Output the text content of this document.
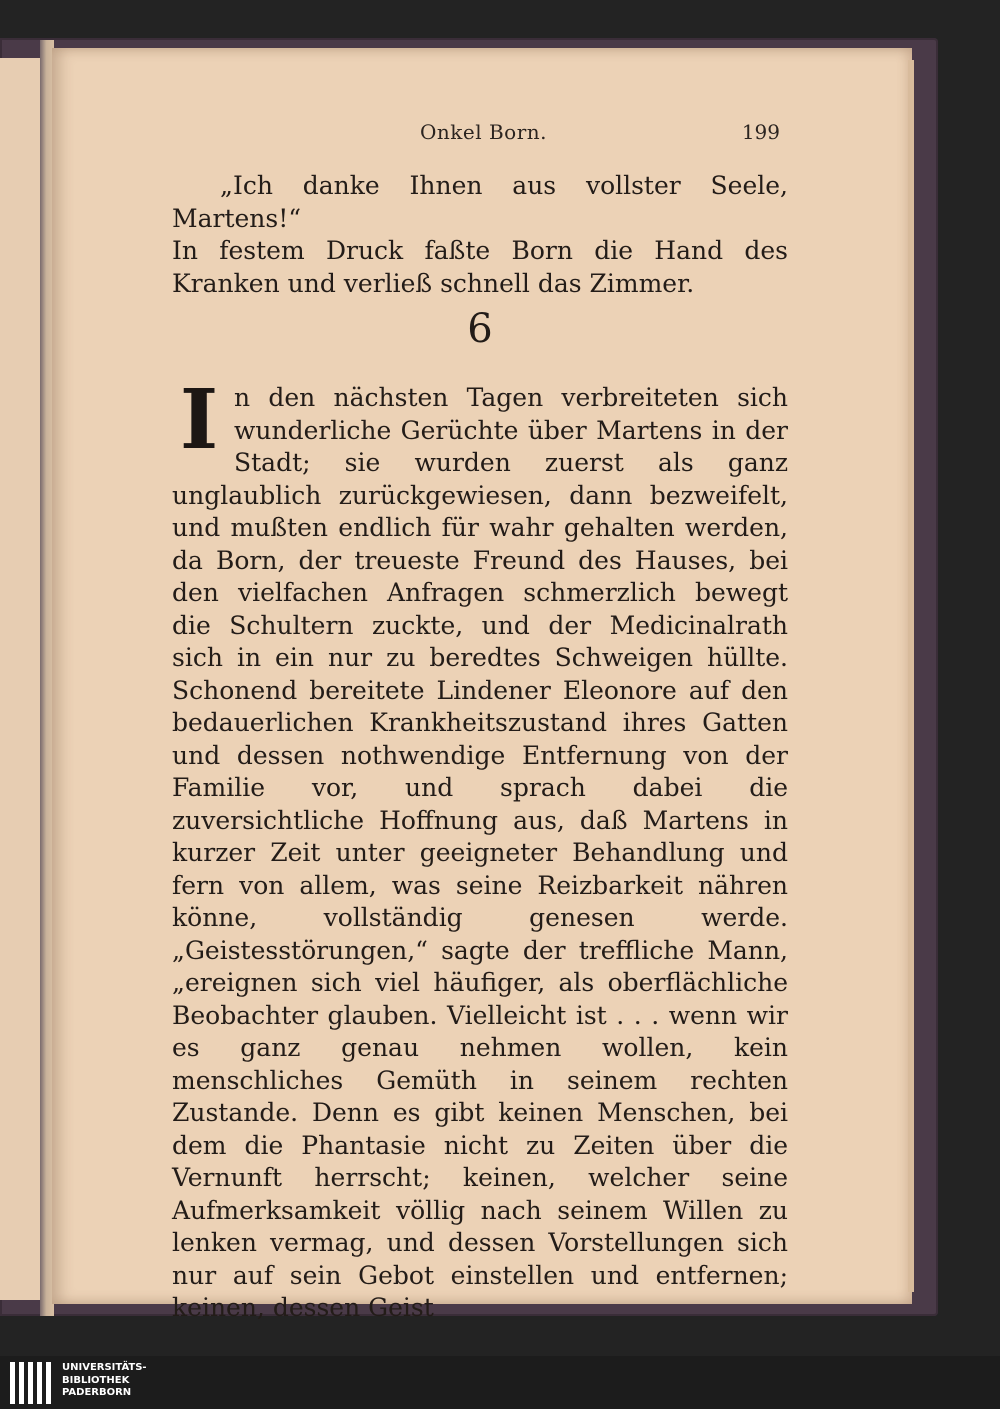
Onkel Born.	199

„Ich danke Ihnen aus vollster Seele, Martens!“

In festem Druck faßte Born die Hand des Kranken und verließ schnell das Zimmer.

6

In den nächsten Tagen verbreiteten sich wunderliche Gerüchte über Martens in der Stadt; sie wurden zuerst als ganz unglaublich zurückgewiesen, dann bezweifelt, und mußten endlich für wahr gehalten werden, da Born, der treueste Freund des Hauses, bei den vielfachen Anfragen schmerzlich bewegt die Schultern zuckte, und der Medicinalrath sich in ein nur zu beredtes Schweigen hüllte. Schonend bereitete Lindener Eleonore auf den bedauerlichen Krankheitszustand ihres Gatten und dessen nothwendige Entfernung von der Familie vor, und sprach dabei die zuversichtliche Hoffnung aus, daß Martens in kurzer Zeit unter geeigneter Behandlung und fern von allem, was seine Reizbarkeit nähren könne, vollständig genesen werde. „Geistesstörungen,“ sagte der treffliche Mann, „ereignen sich viel häufiger, als oberflächliche Beobachter glauben. Vielleicht ist . . . wenn wir es ganz genau nehmen wollen, kein menschliches Gemüth in seinem rechten Zustande. Denn es gibt keinen Menschen, bei dem die Phantasie nicht zu Zeiten über die Vernunft herrscht; keinen, welcher seine Aufmerksamkeit völlig nach seinem Willen zu lenken vermag, und dessen Vorstellungen sich nur auf sein Gebot einstellen und entfernen; keinen, dessen Geist

UNIVERSITÄTS-
BIBLIOTHEK
PADERBORN
